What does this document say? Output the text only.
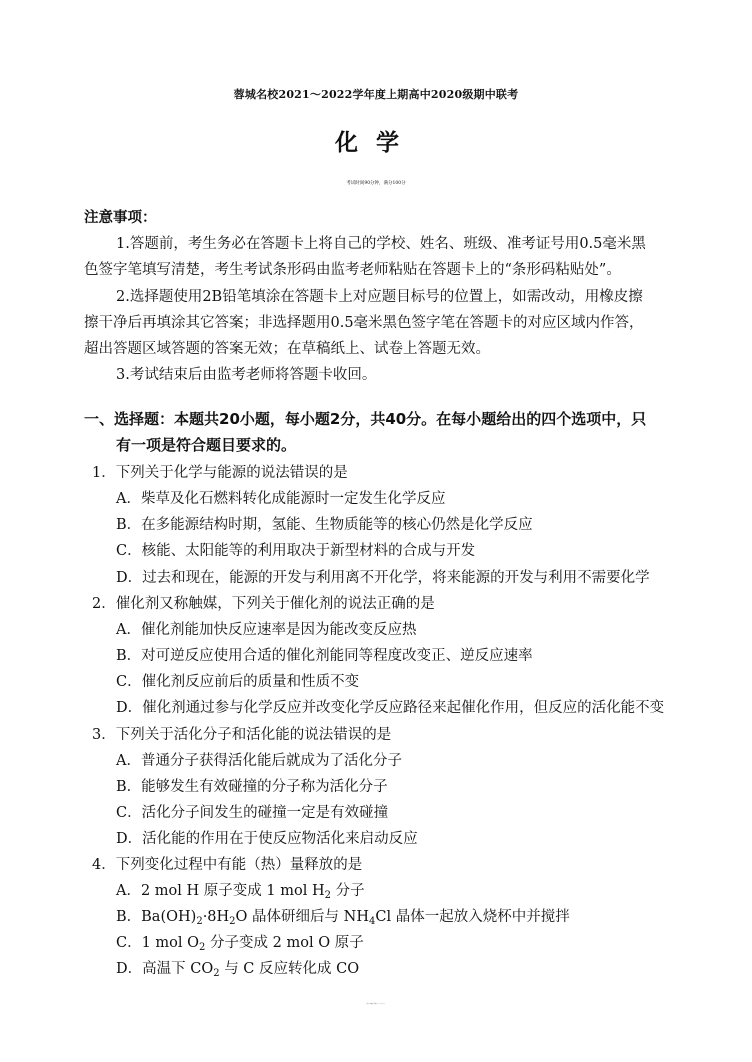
蓉城名校2021～2022学年度上期高中2020级期中联考
化学
考试时间90分钟，满分100分
注意事项：
1.答题前，考生务必在答题卡上将自己的学校、姓名、班级、准考证号用0.5毫米黑
色签字笔填写清楚，考生考试条形码由监考老师粘贴在答题卡上的“条形码粘贴处”。
2.选择题使用2B铅笔填涂在答题卡上对应题目标号的位置上，如需改动，用橡皮擦
擦干净后再填涂其它答案；非选择题用0.5毫米黑色签字笔在答题卡的对应区域内作答，
超出答题区域答题的答案无效；在草稿纸上、试卷上答题无效。
3.考试结束后由监考老师将答题卡收回。
一、选择题：本题共20小题，每小题2分，共40分。在每小题给出的四个选项中，只
有一项是符合题目要求的。
1．下列关于化学与能源的说法错误的是
A．柴草及化石燃料转化成能源时一定发生化学反应
B．在多能源结构时期，氢能、生物质能等的核心仍然是化学反应
C．核能、太阳能等的利用取决于新型材料的合成与开发
D．过去和现在，能源的开发与利用离不开化学，将来能源的开发与利用不需要化学
2．催化剂又称触媒，下列关于催化剂的说法正确的是
A．催化剂能加快反应速率是因为能改变反应热
B．对可逆反应使用合适的催化剂能同等程度改变正、逆反应速率
C．催化剂反应前后的质量和性质不变
D．催化剂通过参与化学反应并改变化学反应路径来起催化作用，但反应的活化能不变
3．下列关于活化分子和活化能的说法错误的是
A．普通分子获得活化能后就成为了活化分子
B．能够发生有效碰撞的分子称为活化分子
C．活化分子间发生的碰撞一定是有效碰撞
D．活化能的作用在于使反应物活化来启动反应
4．下列变化过程中有能（热）量释放的是
A．2 mol H 原子变成 1 mol $H_2$ 分子
B．$Ba(OH)_2\cdot 8H_2O$ 晶体研细后与 $NH_4Cl$ 晶体一起放入烧杯中并搅拌
C．1 mol $O_2$ 分子变成 2 mol O 原子
D．高温下 $CO_2$ 与 C 反应转化成 CO
高中2020级化学试题 第 1 页 （共 8 页）
